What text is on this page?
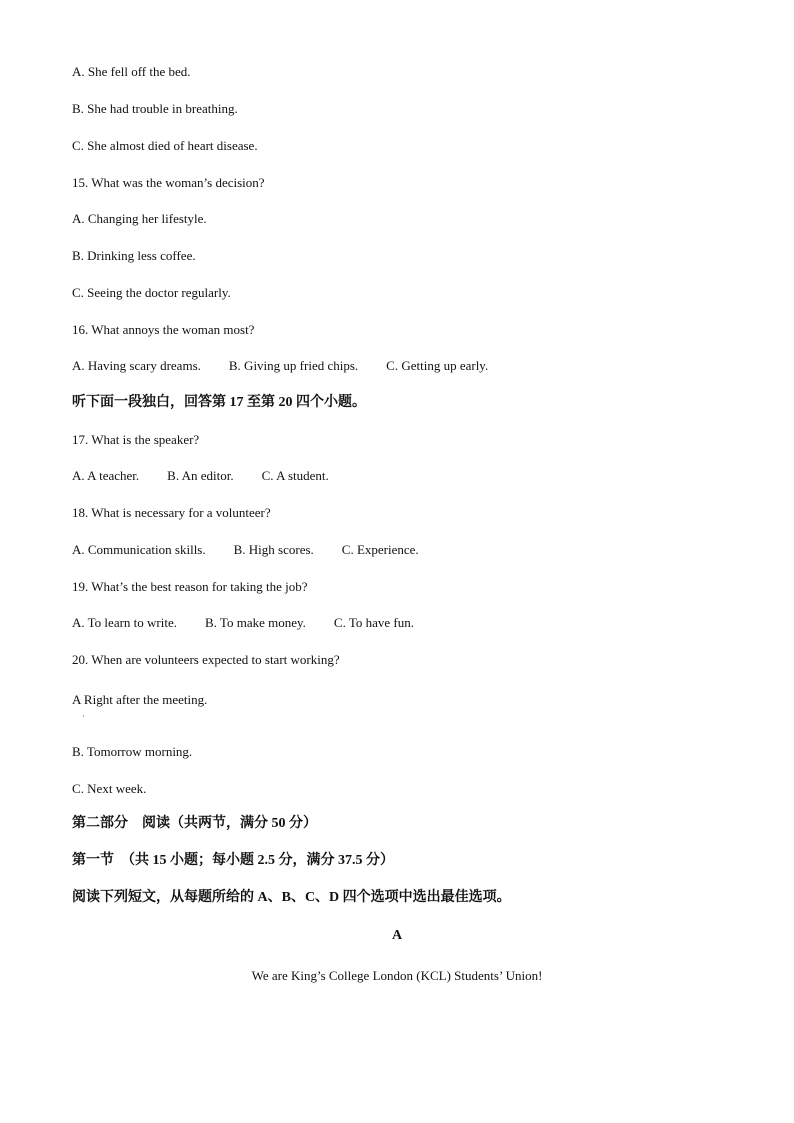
A. She fell off the bed.
B. She had trouble in breathing.
C. She almost died of heart disease.
15. What was the woman’s decision?
A. Changing her lifestyle.
B. Drinking less coffee.
C. Seeing the doctor regularly.
16. What annoys the woman most?
A. Having scary dreams. B. Giving up fried chips. C. Getting up early.
听下面一段独白，回答第 17 至第 20 四个小题。
17. What is the speaker?
A. A teacher. B. An editor. C. A student.
18. What is necessary for a volunteer?
A. Communication skills. B. High scores. C. Experience.
19. What’s the best reason for taking the job?
A. To learn to write. B. To make money. C. To have fun.
20. When are volunteers expected to start working?
A Right after the meeting.
·
B. Tomorrow morning.
C. Next week.
第二部分　阅读（共两节，满分 50 分）
第一节　（共 15 小题；每小题 2.5 分，满分 37.5 分）
阅读下列短文，从每题所给的 A、B、C、D 四个选项中选出最佳选项。
A
We are King’s College London (KCL) Students’ Union!
